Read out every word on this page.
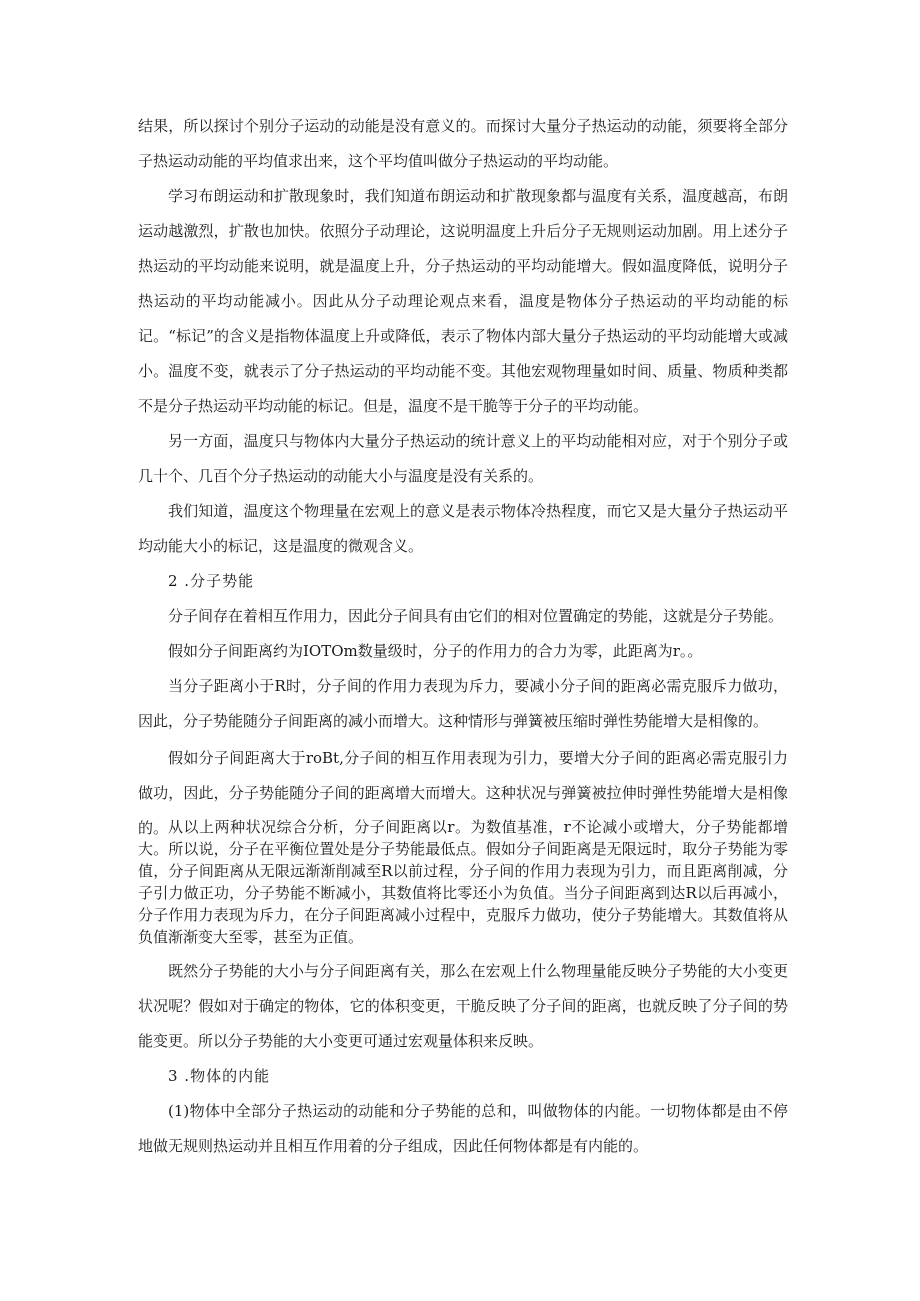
结果，所以探讨个别分子运动的动能是没有意义的。而探讨大量分子热运动的动能，须要将全部分子热运动动能的平均值求出来，这个平均值叫做分子热运动的平均动能。

学习布朗运动和扩散现象时，我们知道布朗运动和扩散现象都与温度有关系，温度越高，布朗运动越激烈，扩散也加快。依照分子动理论，这说明温度上升后分子无规则运动加剧。用上述分子热运动的平均动能来说明，就是温度上升，分子热运动的平均动能增大。假如温度降低，说明分子热运动的平均动能减小。因此从分子动理论观点来看，温度是物体分子热运动的平均动能的标记。“标记”的含义是指物体温度上升或降低，表示了物体内部大量分子热运动的平均动能增大或减小。温度不变，就表示了分子热运动的平均动能不变。其他宏观物理量如时间、质量、物质种类都不是分子热运动平均动能的标记。但是，温度不是干脆等于分子的平均动能。

另一方面，温度只与物体内大量分子热运动的统计意义上的平均动能相对应，对于个别分子或几十个、几百个分子热运动的动能大小与温度是没有关系的。

我们知道，温度这个物理量在宏观上的意义是表示物体冷热程度，而它又是大量分子热运动平均动能大小的标记，这是温度的微观含义。

2 .分子势能

分子间存在着相互作用力，因此分子间具有由它们的相对位置确定的势能，这就是分子势能。

假如分子间距离约为IOTOm数量级时，分子的作用力的合力为零，此距离为r。。

当分子距离小于R时，分子间的作用力表现为斥力，要减小分子间的距离必需克服斥力做功，因此，分子势能随分子间距离的减小而增大。这种情形与弹簧被压缩时弹性势能增大是相像的。

假如分子间距离大于roBt,分子间的相互作用表现为引力，要增大分子间的距离必需克服引力做功，因此，分子势能随分子间的距离增大而增大。这种状况与弹簧被拉伸时弹性势能增大是相像的。 从以上两种状况综合分析，分子间距离以r。为数值基准，r不论减小或增大，分子势能都增大。所以说，分子在平衡位置处是分子势能最低点。假如分子间距离是无限远时，取分子势能为零值，分子间距离从无限远渐渐削减至R以前过程，分子间的作用力表现为引力，而且距离削减，分子引力做正功，分子势能不断减小，其数值将比零还小为负值。当分子间距离到达R以后再减小，分子作用力表现为斥力，在分子间距离减小过程中，克服斥力做功，使分子势能增大。其数值将从负值渐渐变大至零，甚至为正值。

既然分子势能的大小与分子间距离有关，那么在宏观上什么物理量能反映分子势能的大小变更状况呢？假如对于确定的物体，它的体积变更，干脆反映了分子间的距离，也就反映了分子间的势能变更。所以分子势能的大小变更可通过宏观量体积来反映。

3 .物体的内能

(1)物体中全部分子热运动的动能和分子势能的总和，叫做物体的内能。一切物体都是由不停地做无规则热运动并且相互作用着的分子组成，因此任何物体都是有内能的。
